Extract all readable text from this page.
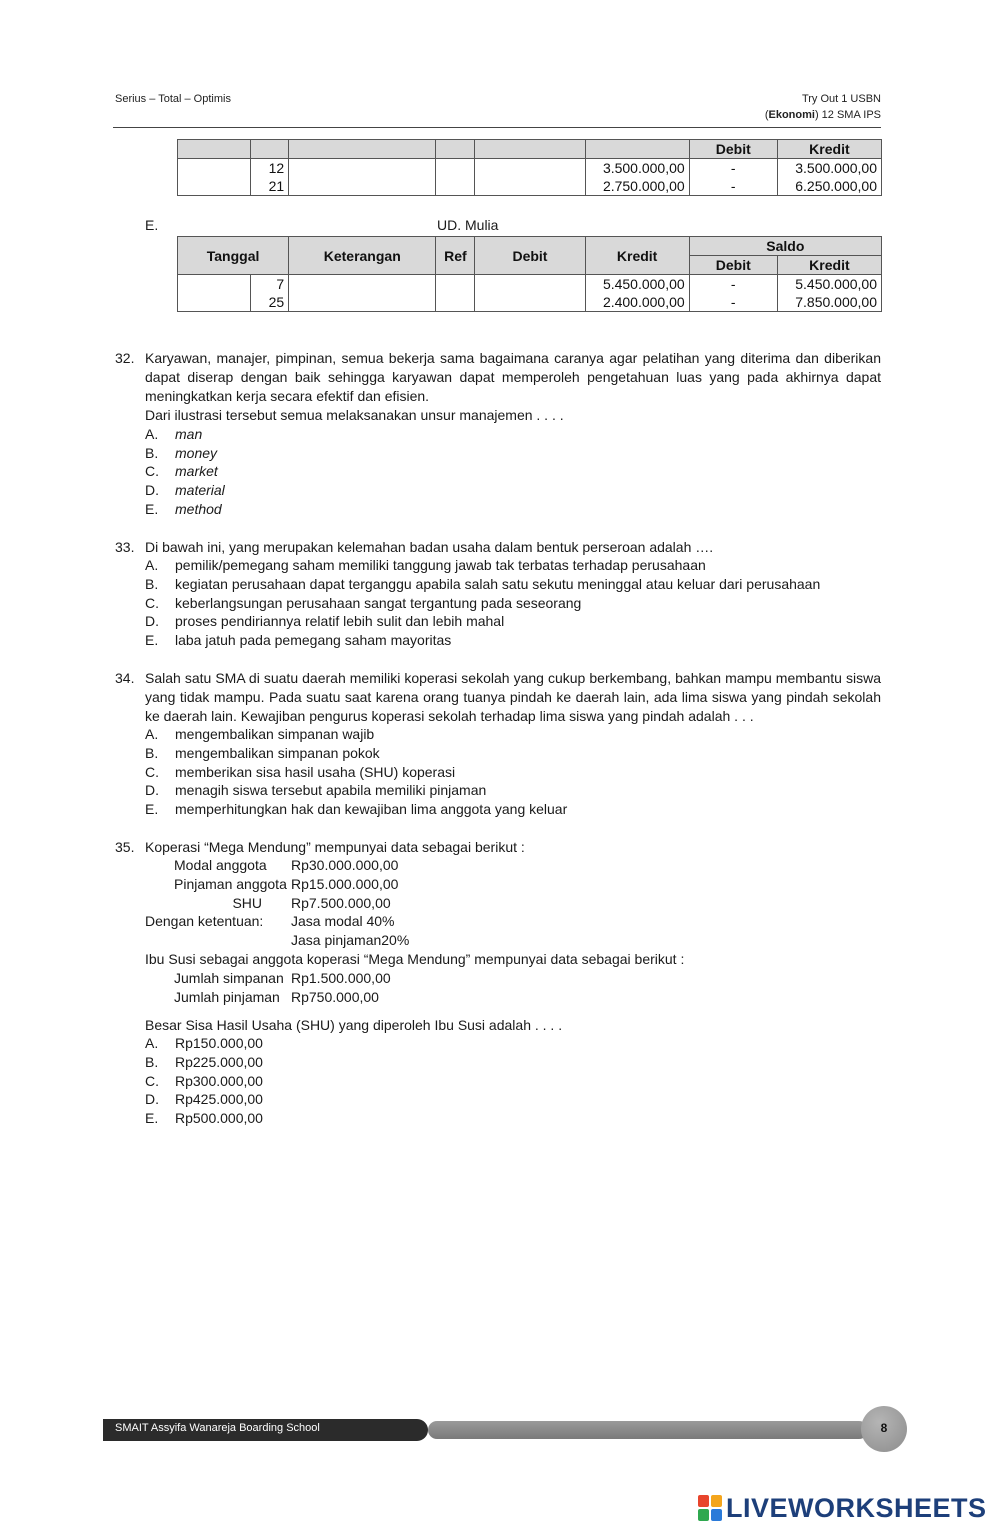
Serius – Total – Optimis	Try Out 1 USBN
(Ekonomi) 12 SMA IPS
						Debit	Kredit
	12				3.500.000,00	-	3.500.000,00
	21				2.750.000,00	-	6.250.000,00
E.	UD. Mulia
Tanggal		Keterangan	Ref	Debit	Kredit	Saldo	
						Debit	Kredit
	7				5.450.000,00	-	5.450.000,00
	25				2.400.000,00	-	7.850.000,00
32. Karyawan, manajer, pimpinan, semua bekerja sama bagaimana caranya agar pelatihan yang diterima dan diberikan dapat diserap dengan baik sehingga karyawan dapat memperoleh pengetahuan luas yang pada akhirnya dapat meningkatkan kerja secara efektif dan efisien.
Dari ilustrasi tersebut semua melaksanakan unsur manajemen . . . .
A. man
B. money
C. market
D. material
E. method
33. Di bawah ini, yang merupakan kelemahan badan usaha dalam bentuk perseroan adalah ….
A. pemilik/pemegang saham memiliki tanggung jawab tak terbatas terhadap perusahaan
B. kegiatan perusahaan dapat terganggu apabila salah satu sekutu meninggal atau keluar dari perusahaan
C. keberlangsungan perusahaan sangat tergantung pada seseorang
D. proses pendiriannya relatif lebih sulit dan lebih mahal
E. laba jatuh pada pemegang saham mayoritas
34. Salah satu SMA di suatu daerah memiliki koperasi sekolah yang cukup berkembang, bahkan mampu membantu siswa yang tidak mampu. Pada suatu saat karena orang tuanya pindah ke daerah lain, ada lima siswa yang pindah sekolah ke daerah lain. Kewajiban pengurus koperasi sekolah terhadap lima siswa yang pindah adalah . . .
A. mengembalikan simpanan wajib
B. mengembalikan simpanan pokok
C. memberikan sisa hasil usaha (SHU) koperasi
D. menagih siswa tersebut apabila memiliki pinjaman
E. memperhitungkan hak dan kewajiban lima anggota yang keluar
35. Koperasi “Mega Mendung” mempunyai data sebagai berikut :
Modal anggota Rp30.000.000,00
Pinjaman anggota Rp15.000.000,00
SHU Rp7.500.000,00
Dengan ketentuan: Jasa modal 40%
Jasa pinjaman20%
Ibu Susi sebagai anggota koperasi “Mega Mendung” mempunyai data sebagai berikut :
Jumlah simpanan Rp1.500.000,00
Jumlah pinjaman Rp750.000,00
Besar Sisa Hasil Usaha (SHU) yang diperoleh Ibu Susi adalah . . . .
A. Rp150.000,00
B. Rp225.000,00
C. Rp300.000,00
D. Rp425.000,00
E. Rp500.000,00
SMAIT Assyifa Wanareja Boarding School	8
LIVEWORKSHEETS
